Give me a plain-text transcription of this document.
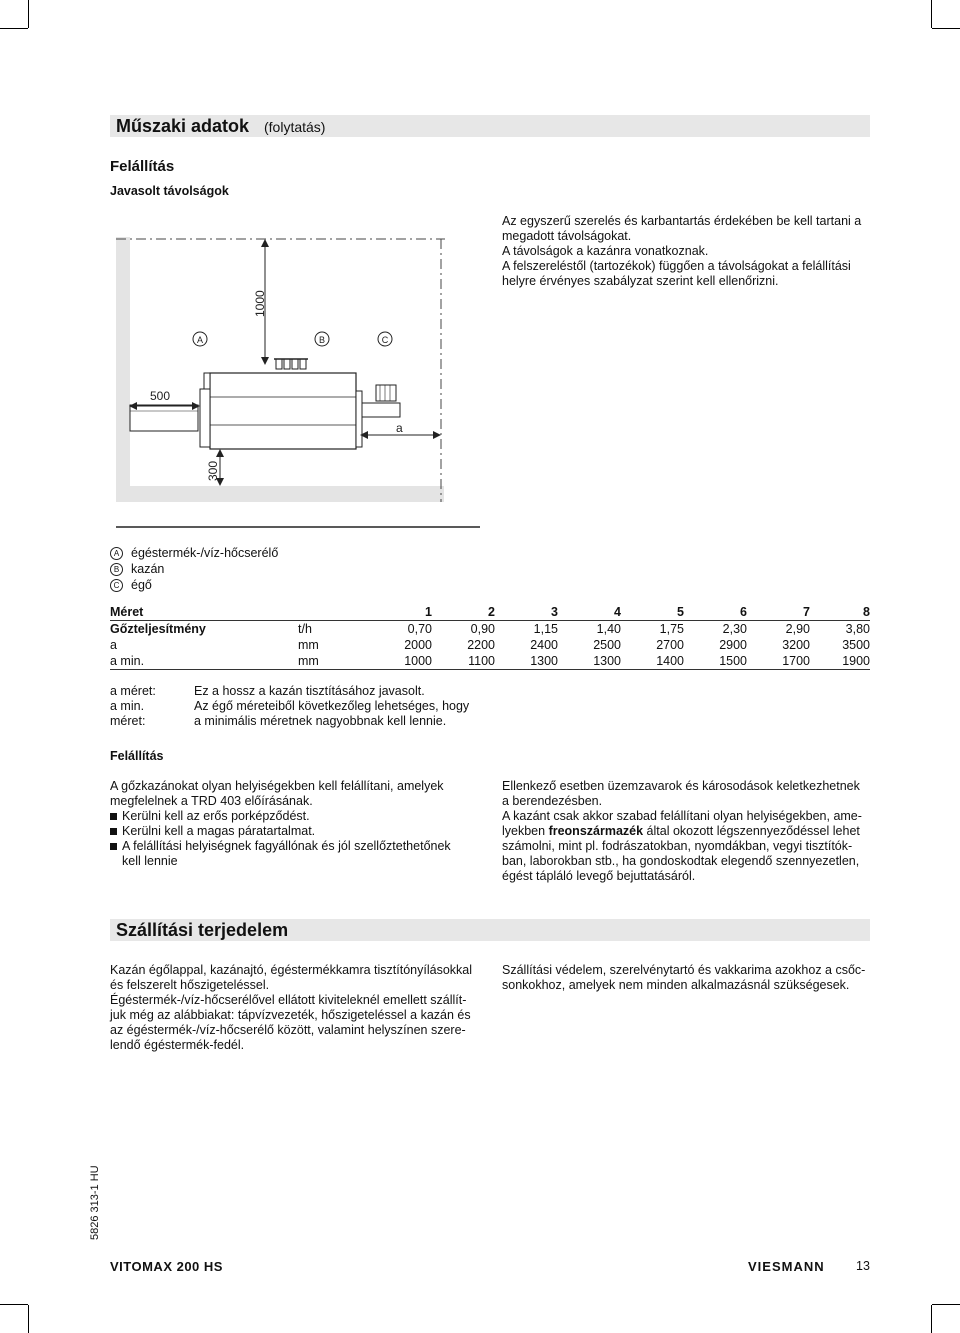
Műszaki adatok (folytatás)
Felállítás
Javasolt távolságok
Az egyszerű szerelés és karbantartás érdekében be kell tartani a
megadott távolságokat.
A távolságok a kazánra vonatkoznak.
A felszereléstől (tartozékok) függően a távolságokat a felállítási
helyre érvényes szabályzat szerint kell ellenőrizni.
1000
A	B	C
500
a
300
A égéstermék-/víz-hőcserélő
B kazán
C égő
Méret		1	2	3	4	5	6	7	8
Gőzteljesítmény	t/h	0,70	0,90	1,15	1,40	1,75	2,30	2,90	3,80
a	mm	2000	2200	2400	2500	2700	2900	3200	3500
a min.	mm	1000	1100	1300	1300	1400	1500	1700	1900
a méret:	Ez a hossz a kazán tisztításához javasolt.
a min.	Az égő méreteiből következőleg lehetséges, hogy
méret:	a minimális méretnek nagyobbnak kell lennie.
Felállítás
A gőzkazánokat olyan helyiségekben kell felállítani, amelyek
megfelelnek a TRD 403 előírásának.
Kerülni kell az erős porképződést.
Kerülni kell a magas páratartalmat.
A felállítási helyiségnek fagyállónak és jól szellőztethetőnek
kell lennie
Ellenkező esetben üzemzavarok és károsodások keletkezhetnek
a berendezésben.
A kazánt csak akkor szabad felállítani olyan helyiségekben, ame-
lyekben freonszármazék által okozott légszennyeződéssel lehet
számolni, mint pl. fodrászatokban, nyomdákban, vegyi tisztítók-
ban, laborokban stb., ha gondoskodtak elegendő szennyezetlen,
égést tápláló levegő bejuttatásáról.
Szállítási terjedelem
Kazán égőlappal, kazánajtó, égéstermékkamra tisztítónyílásokkal
és felszerelt hőszigeteléssel.
Égéstermék-/víz-hőcserélővel ellátott kiviteleknél emellett szállít-
juk még az alábbiakat: tápvízvezeték, hőszigeteléssel a kazán és
az égéstermék-/víz-hőcserélő között, valamint helyszínen szere-
lendő égéstermék-fedél.
Szállítási védelem, szerelvénytartó és vakkarima azokhoz a csőc-
sonkokhoz, amelyek nem minden alkalmazásnál szükségesek.
5826 313-1 HU
VITOMAX 200 HS	VIESMANN	13
